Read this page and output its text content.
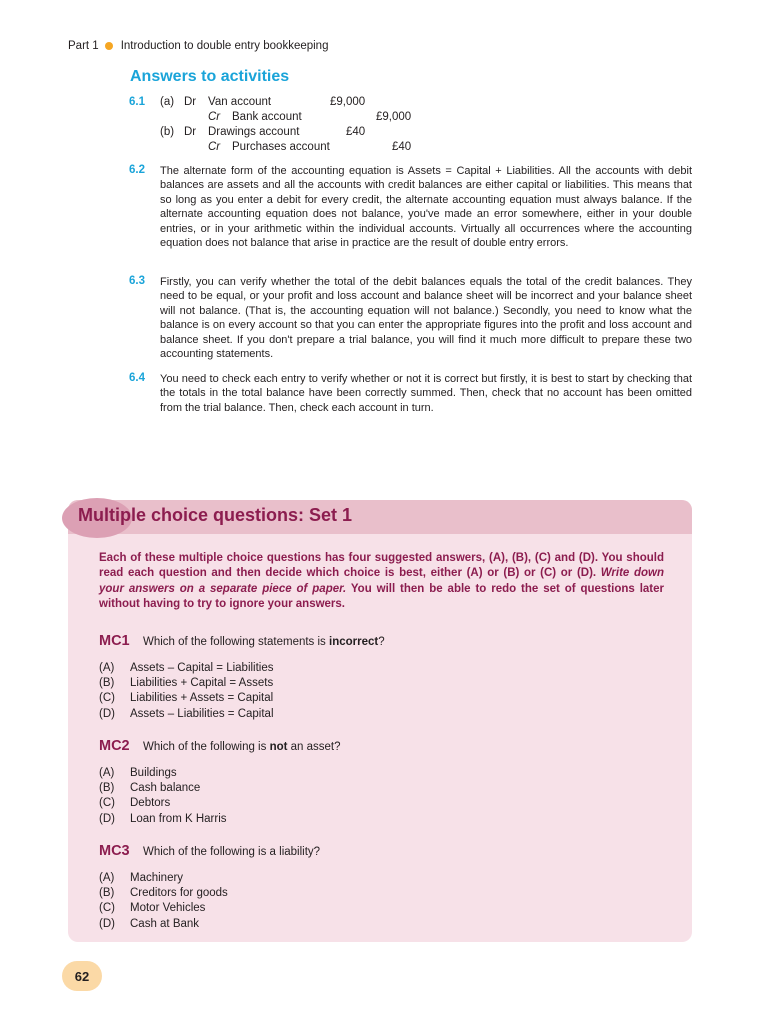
Part 1 Introduction to double entry bookkeeping
Answers to activities
6.1 (a) Dr Van account	£9,000
Cr Bank account	£9,000
(b) Dr Drawings account	£40
Cr Purchases account	£40
6.2 The alternate form of the accounting equation is Assets = Capital + Liabilities. All the accounts with debit balances are assets and all the accounts with credit balances are either capital or liabilities. This means that so long as you enter a debit for every credit, the alternate accounting equation must always balance. If the alternate accounting equation does not balance, you've made an error somewhere, either in your double entries, or in your arithmetic within the individual accounts. Virtually all occurrences where the accounting equation does not balance that arise in practice are the result of double entry errors.
6.3 Firstly, you can verify whether the total of the debit balances equals the total of the credit balances. They need to be equal, or your profit and loss account and balance sheet will be incorrect and your balance sheet will not balance. (That is, the accounting equation will not balance.) Secondly, you need to know what the balance is on every account so that you can enter the appropriate figures into the profit and loss account and balance sheet. If you don't prepare a trial balance, you will find it much more difficult to prepare these two accounting statements.
6.4 You need to check each entry to verify whether or not it is correct but firstly, it is best to start by checking that the totals in the total balance have been correctly summed. Then, check that no account has been omitted from the trial balance. Then, check each account in turn.
Multiple choice questions: Set 1
Each of these multiple choice questions has four suggested answers, (A), (B), (C) and (D). You should read each question and then decide which choice is best, either (A) or (B) or (C) or (D). Write down your answers on a separate piece of paper. You will then be able to redo the set of questions later without having to try to ignore your answers.
MC1 Which of the following statements is incorrect?
(A) Assets – Capital = Liabilities
(B) Liabilities + Capital = Assets
(C) Liabilities + Assets = Capital
(D) Assets – Liabilities = Capital
MC2 Which of the following is not an asset?
(A) Buildings
(B) Cash balance
(C) Debtors
(D) Loan from K Harris
MC3 Which of the following is a liability?
(A) Machinery
(B) Creditors for goods
(C) Motor Vehicles
(D) Cash at Bank
62
